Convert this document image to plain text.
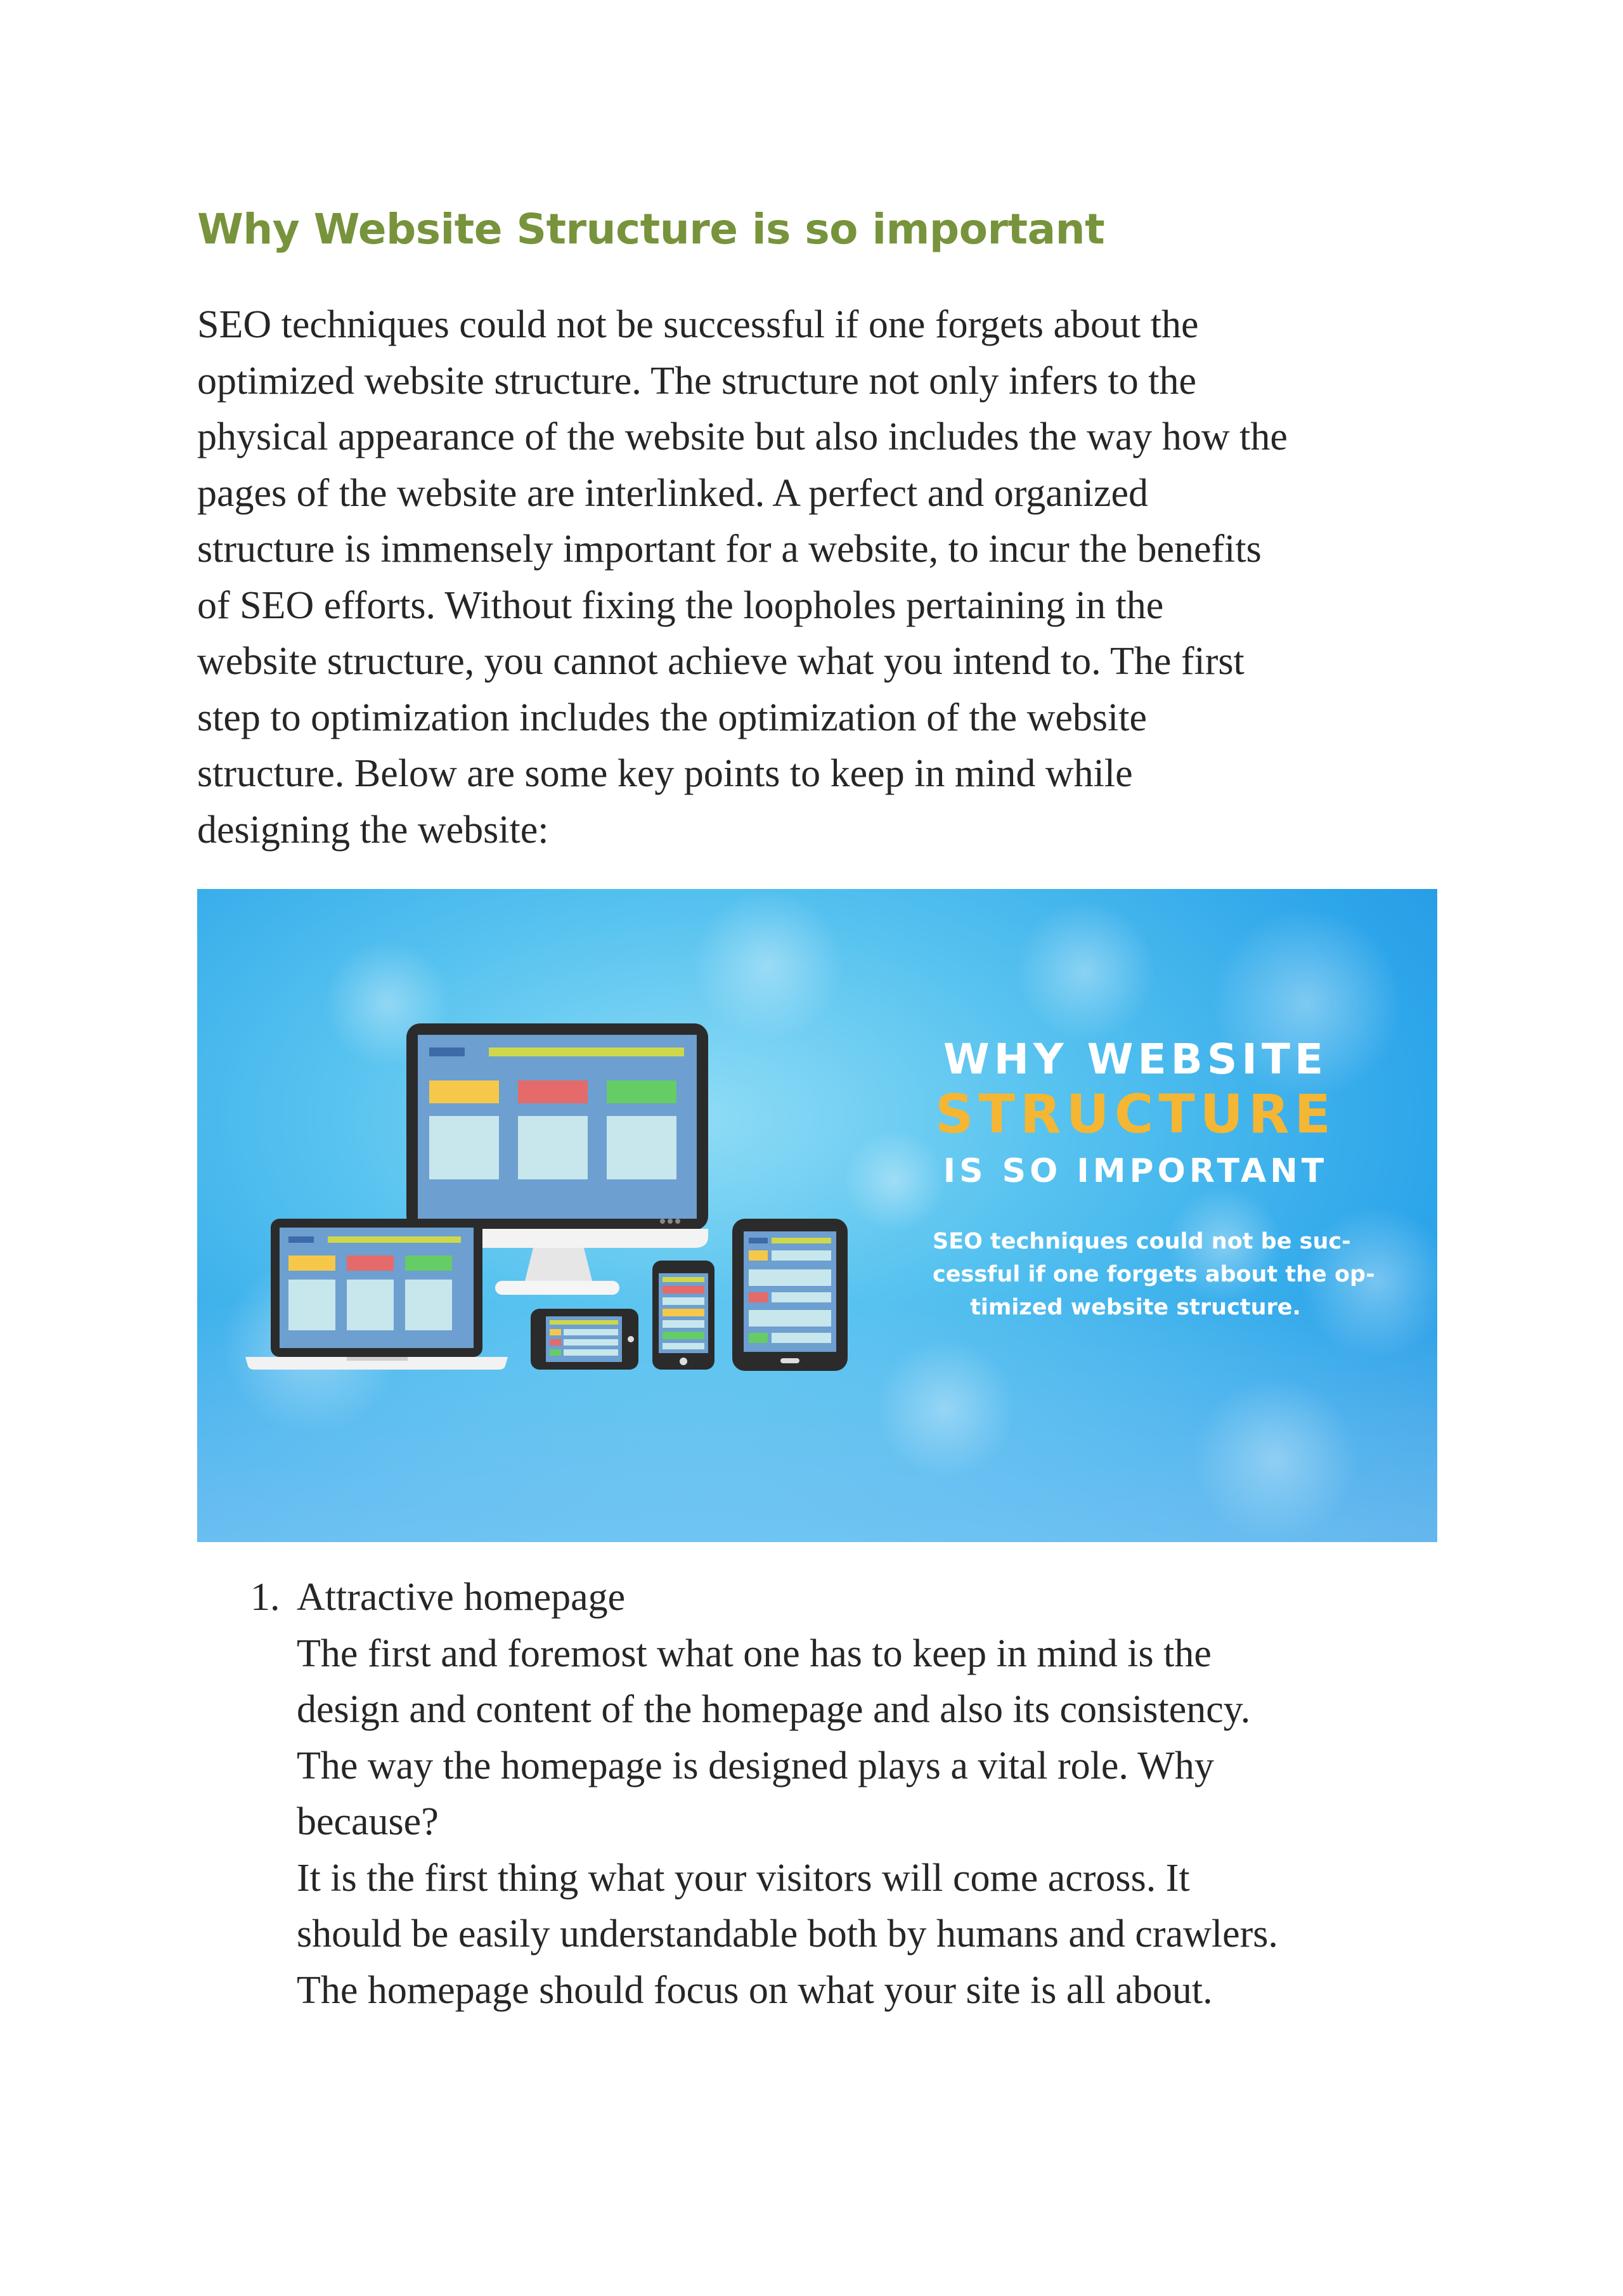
Why Website Structure is so important
SEO techniques could not be successful if one forgets about the
optimized website structure. The structure not only infers to the
physical appearance of the website but also includes the way how the
pages of the website are interlinked. A perfect and organized
structure is immensely important for a website, to incur the benefits
of SEO efforts. Without fixing the loopholes pertaining in the
website structure, you cannot achieve what you intend to. The first
step to optimization includes the optimization of the website
structure. Below are some key points to keep in mind while
designing the website:
WHY WEBSITE
STRUCTURE
IS SO IMPORTANT
SEO techniques could not be suc-
cessful if one forgets about the op-
timized website structure.
1. Attractive homepage
The first and foremost what one has to keep in mind is the
design and content of the homepage and also its consistency.
The way the homepage is designed plays a vital role. Why
because?
It is the first thing what your visitors will come across. It
should be easily understandable both by humans and crawlers.
The homepage should focus on what your site is all about.
